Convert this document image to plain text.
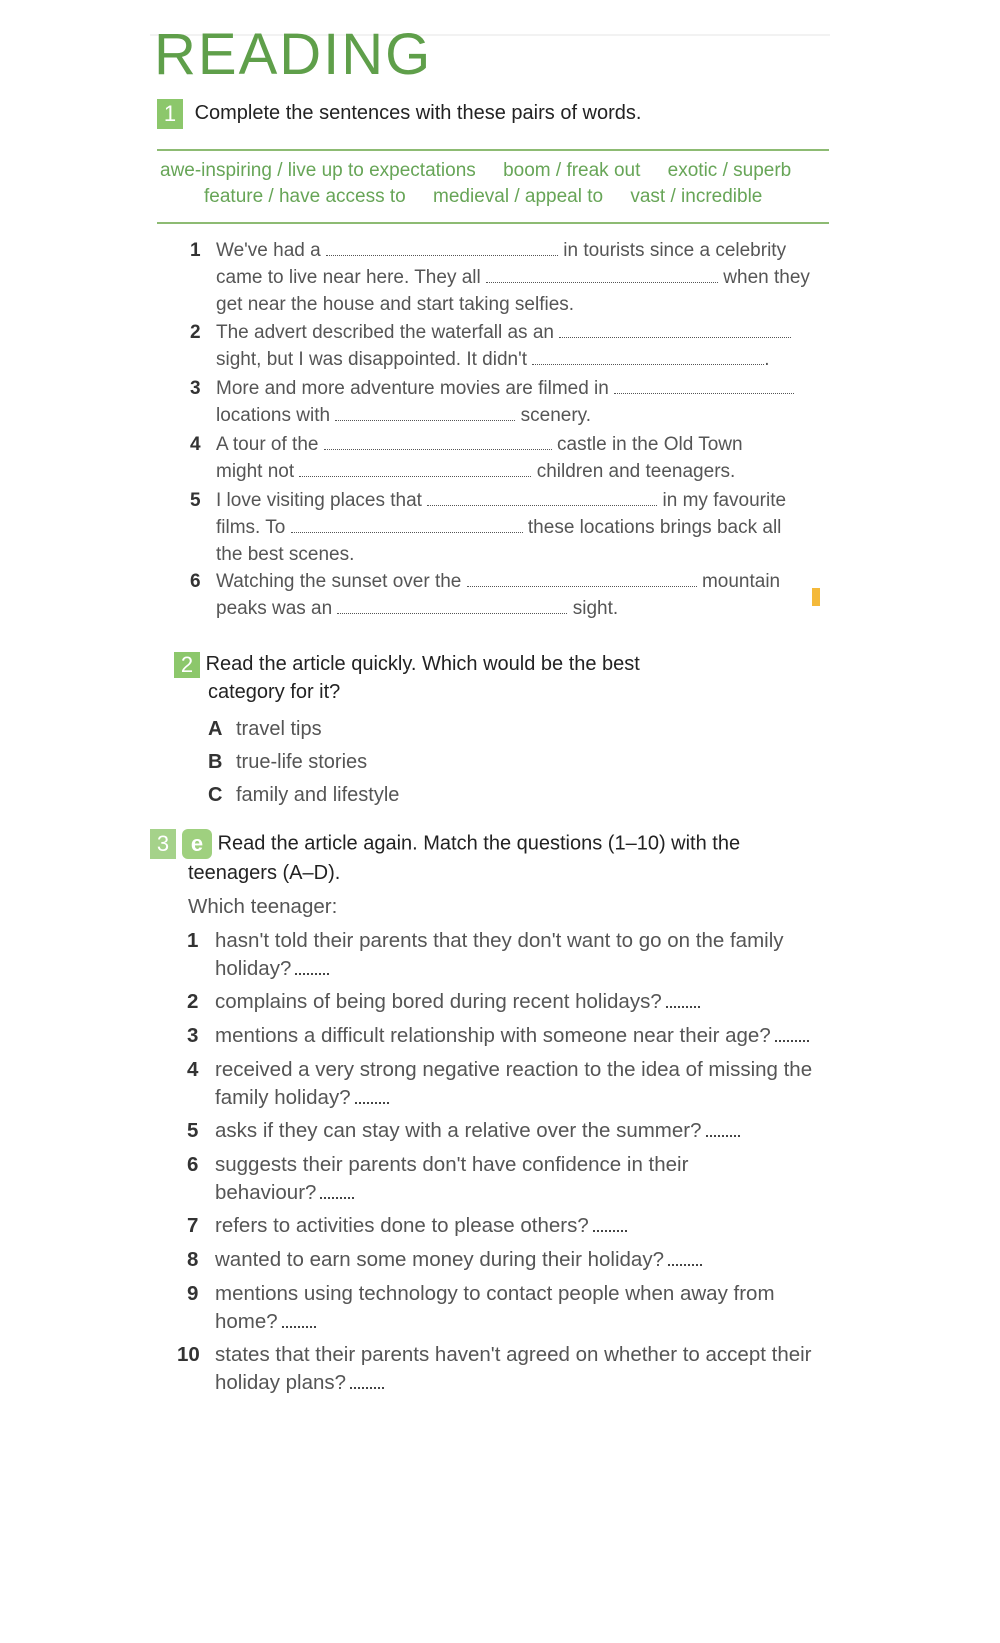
READING
1 Complete the sentences with these pairs of words.
awe-inspiring / live up to expectations boom / freak out exotic / superb
feature / have access to medieval / appeal to vast / incredible
1 We've had a	in tourists since a celebrity
came to live near here. They all	when they
get near the house and start taking selfies.
2 The advert described the waterfall as an
sight, but I was disappointed. It didn't	.
3 More and more adventure movies are filmed in
locations with	scenery.
4 A tour of the	castle in the Old Town
might not	children and teenagers.
5 I love visiting places that	in my favourite
films. To	these locations brings back all
the best scenes.
6 Watching the sunset over the	mountain
peaks was an	sight.
2 Read the article quickly. Which would be the best
category for it?
A travel tips
B true-life stories
C family and lifestyle
3 e Read the article again. Match the questions (1–10) with the
teenagers (A–D).
Which teenager:
1 hasn't told their parents that they don't want to go on the family
holiday?
2 complains of being bored during recent holidays?
3 mentions a difficult relationship with someone near their age?
4 received a very strong negative reaction to the idea of missing the
family holiday?
5 asks if they can stay with a relative over the summer?
6 suggests their parents don't have confidence in their
behaviour?
7 refers to activities done to please others?
8 wanted to earn some money during their holiday?
9 mentions using technology to contact people when away from
home?
10 states that their parents haven't agreed on whether to accept their
holiday plans?
